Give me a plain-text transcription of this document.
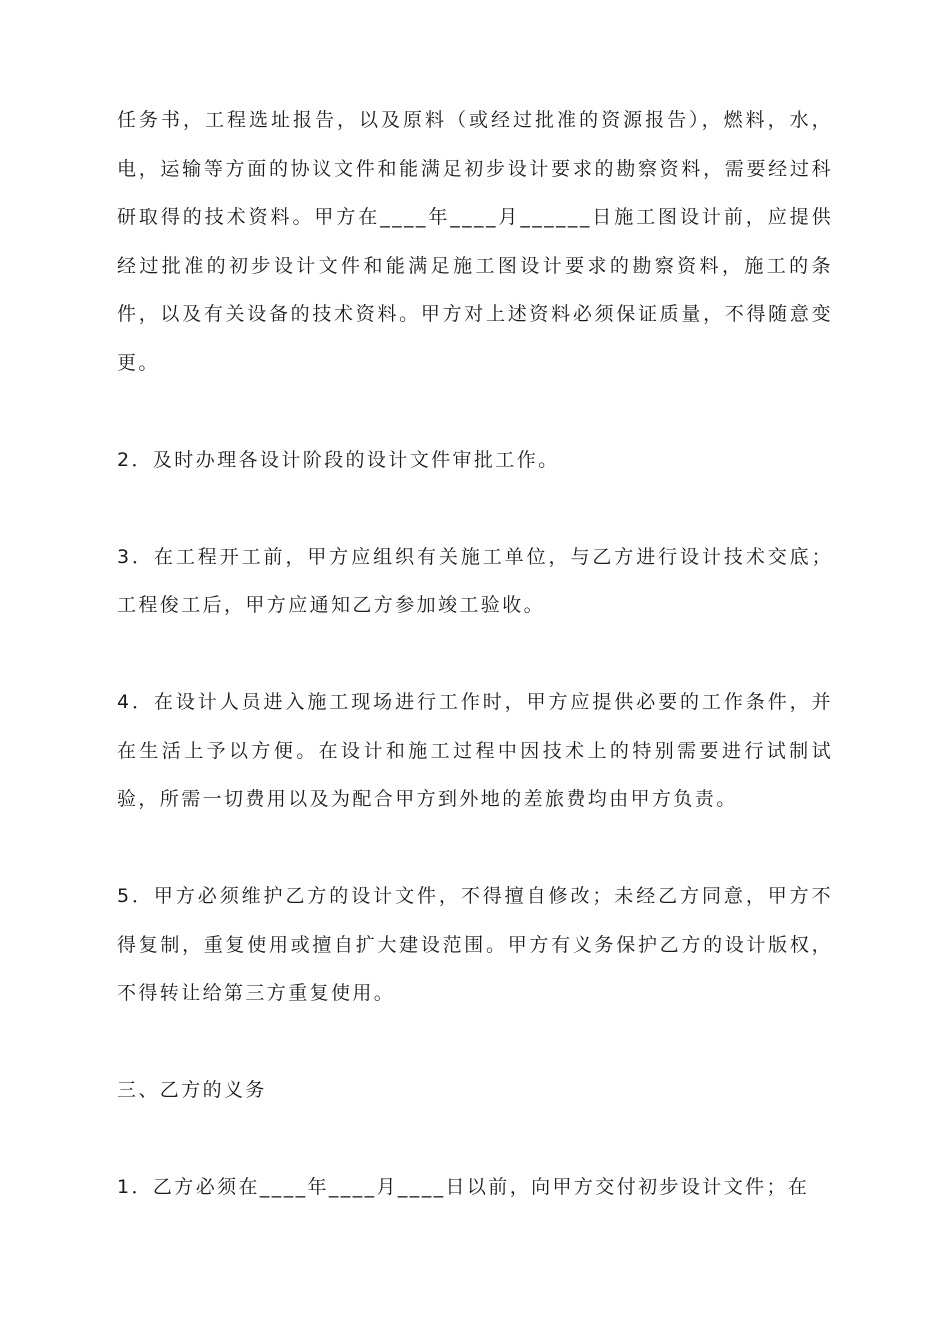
任务书，工程选址报告，以及原料（或经过批准的资源报告），燃料，水，电，运输等方面的协议文件和能满足初步设计要求的勘察资料，需要经过科研取得的技术资料。甲方在____年____月______日施工图设计前，应提供经过批准的初步设计文件和能满足施工图设计要求的勘察资料，施工的条件，以及有关设备的技术资料。甲方对上述资料必须保证质量，不得随意变更。

2．及时办理各设计阶段的设计文件审批工作。

3．在工程开工前，甲方应组织有关施工单位，与乙方进行设计技术交底；工程俊工后，甲方应通知乙方参加竣工验收。

4．在设计人员进入施工现场进行工作时，甲方应提供必要的工作条件，并在生活上予以方便。在设计和施工过程中因技术上的特别需要进行试制试验，所需一切费用以及为配合甲方到外地的差旅费均由甲方负责。

5．甲方必须维护乙方的设计文件，不得擅自修改；未经乙方同意，甲方不得复制，重复使用或擅自扩大建设范围。甲方有义务保护乙方的设计版权，不得转让给第三方重复使用。

三、乙方的义务

1．乙方必须在____年____月____日以前，向甲方交付初步设计文件；在
